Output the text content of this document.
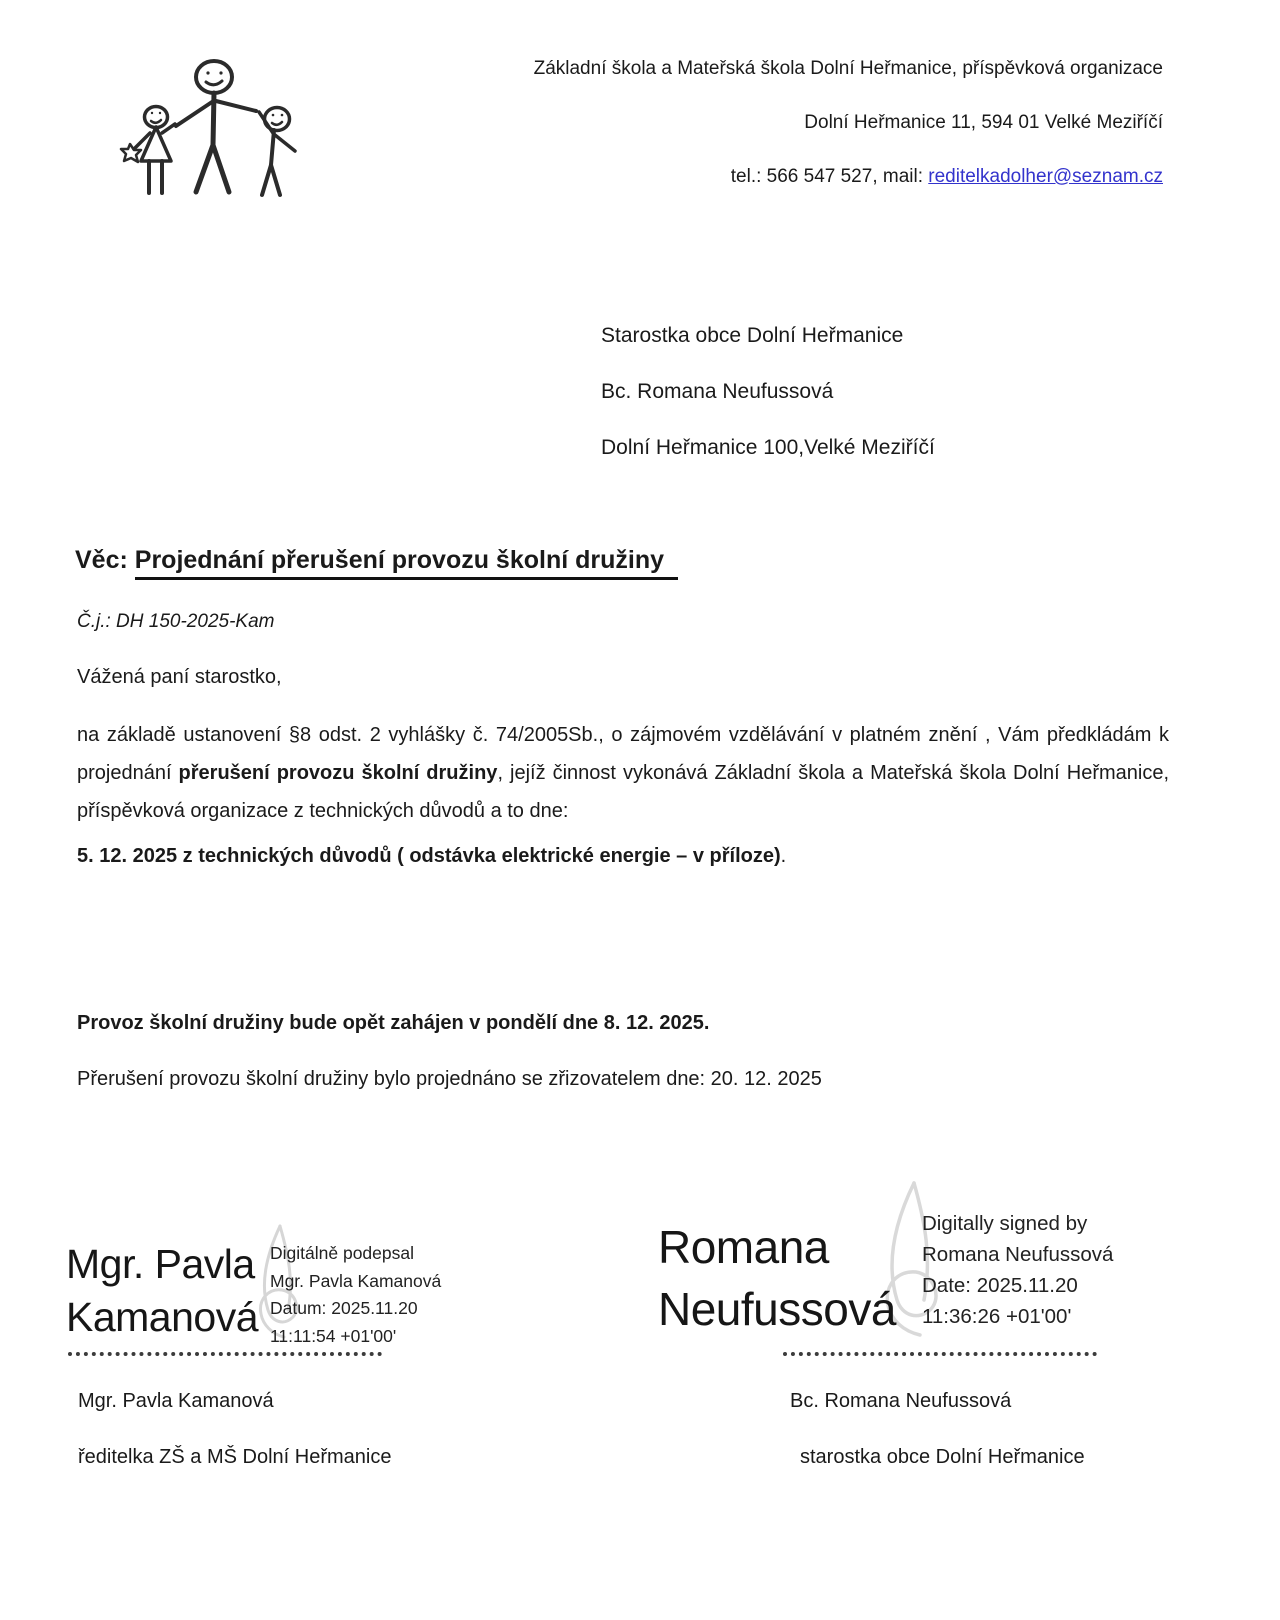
Základní škola a Mateřská škola Dolní Heřmanice, příspěvková organizace
Dolní Heřmanice 11, 594 01 Velké Meziříčí
tel.: 566 547 527, mail: reditelkadolher@seznam.cz
Starostka obce Dolní Heřmanice
Bc. Romana Neufussová
Dolní Heřmanice 100,Velké Meziříčí
Věc: Projednání přerušení provozu školní družiny
Č.j.: DH 150-2025-Kam
Vážená paní starostko,
na základě ustanovení §8 odst. 2 vyhlášky č. 74/2005Sb., o zájmovém vzdělávání v platném znění , Vám předkládám k projednání přerušení provozu školní družiny, jejíž činnost vykonává Základní škola a Mateřská škola Dolní Heřmanice, příspěvková organizace z technických důvodů a to dne:
5. 12. 2025 z technických důvodů ( odstávka elektrické energie – v příloze).
Provoz školní družiny bude opět zahájen v pondělí dne 8. 12. 2025.
Přerušení provozu školní družiny bylo projednáno se zřizovatelem dne: 20. 12. 2025
Mgr. Pavla
Kamanová
Digitálně podepsal
Mgr. Pavla Kamanová
Datum: 2025.11.20
11:11:54 +01'00'
Romana
Neufussová
Digitally signed by
Romana Neufussová
Date: 2025.11.20
11:36:26 +01'00'
Mgr. Pavla Kamanová
ředitelka ZŠ a MŠ Dolní Heřmanice
Bc. Romana Neufussová
starostka obce Dolní Heřmanice
